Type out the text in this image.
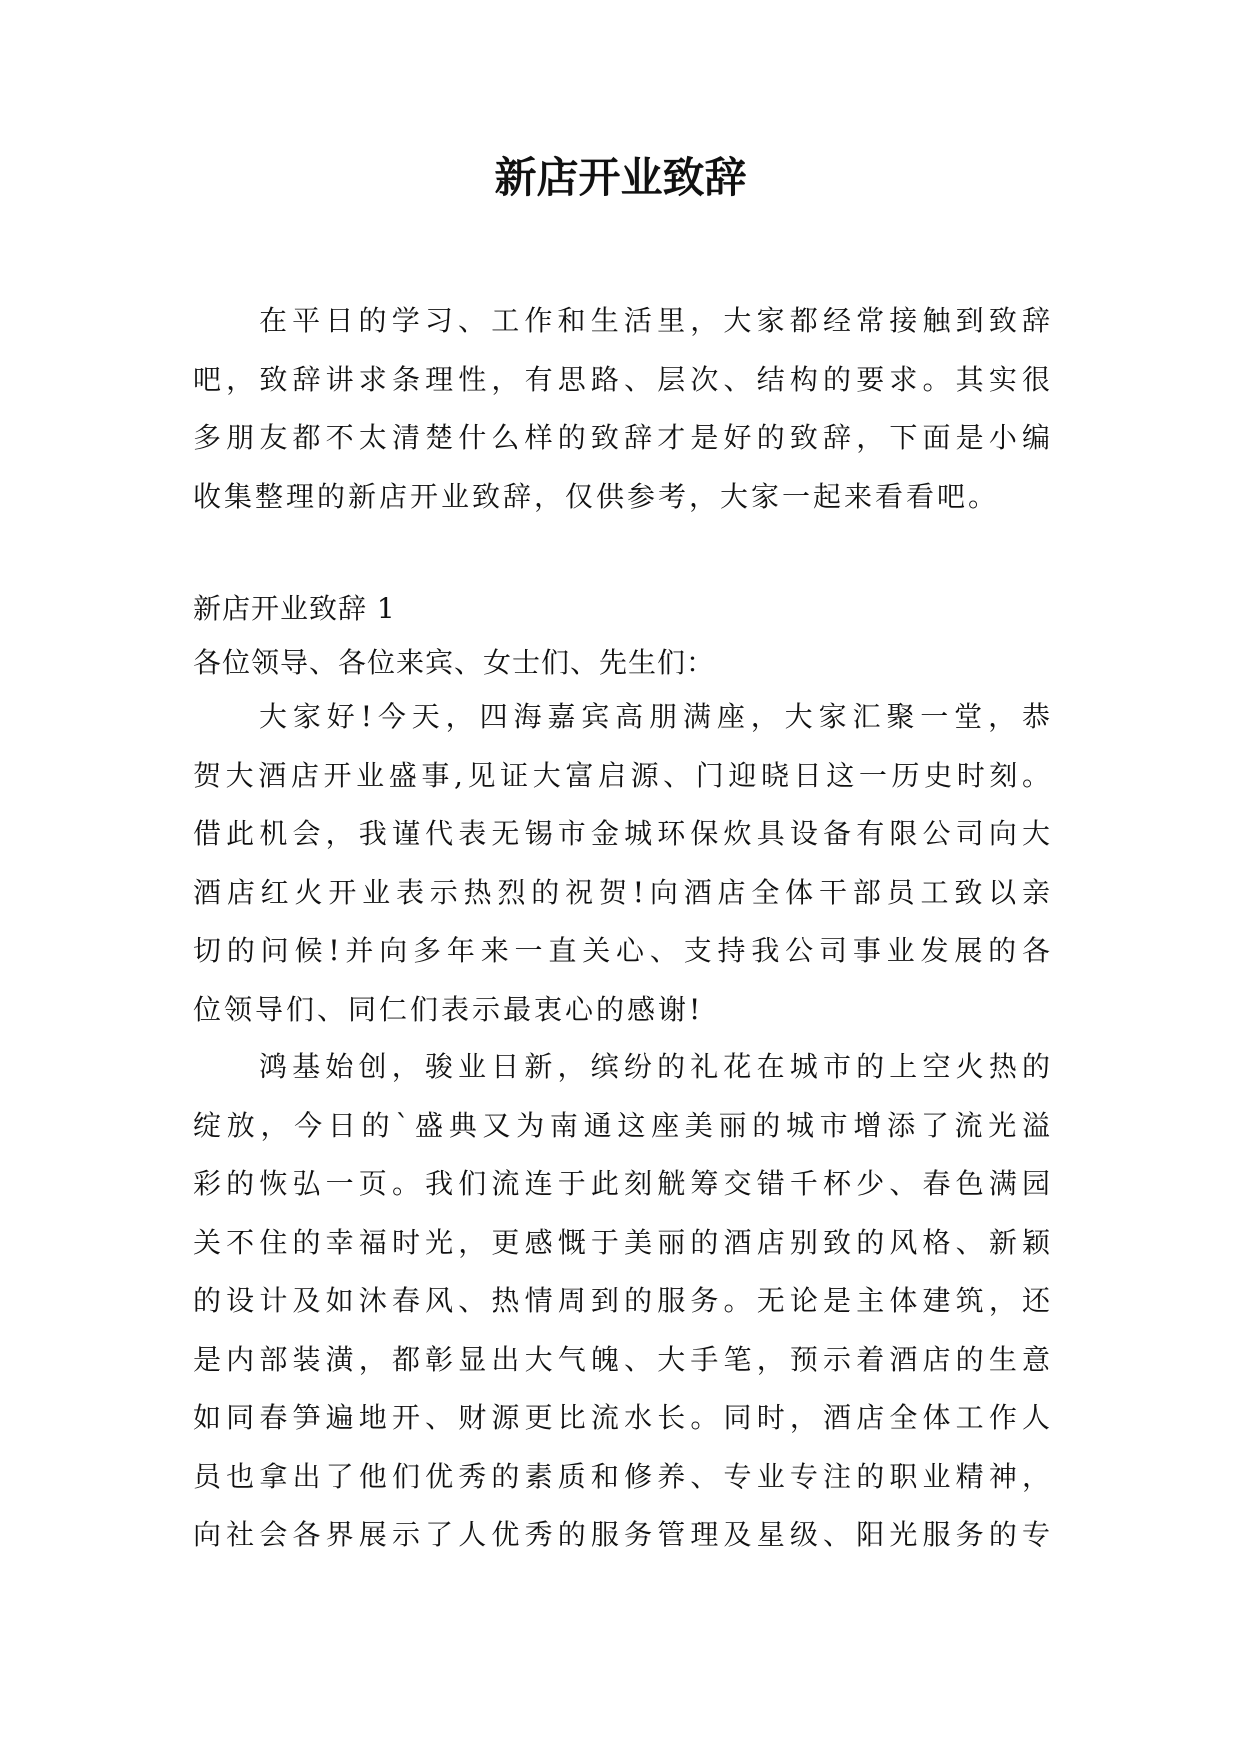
新店开业致辞
在平日的学习、工作和生活里，大家都经常接触到致辞
吧，致辞讲求条理性，有思路、层次、结构的要求。其实很
多朋友都不太清楚什么样的致辞才是好的致辞，下面是小编
收集整理的新店开业致辞，仅供参考，大家一起来看看吧。

新店开业致辞 1

各位领导、各位来宾、女士们、先生们：

大家好!今天，四海嘉宾高朋满座，大家汇聚一堂，恭
贺大酒店开业盛事,见证大富启源、门迎晓日这一历史时刻。
借此机会，我谨代表无锡市金城环保炊具设备有限公司向大
酒店红火开业表示热烈的祝贺!向酒店全体干部员工致以亲
切的问候!并向多年来一直关心、支持我公司事业发展的各
位领导们、同仁们表示最衷心的感谢!
鸿基始创，骏业日新，缤纷的礼花在城市的上空火热的
绽放，今日的`盛典又为南通这座美丽的城市增添了流光溢
彩的恢弘一页。我们流连于此刻觥筹交错千杯少、春色满园
关不住的幸福时光，更感慨于美丽的酒店别致的风格、新颖
的设计及如沐春风、热情周到的服务。无论是主体建筑，还
是内部装潢，都彰显出大气魄、大手笔，预示着酒店的生意
如同春笋遍地开、财源更比流水长。同时，酒店全体工作人
员也拿出了他们优秀的素质和修养、专业专注的职业精神，
向社会各界展示了人优秀的服务管理及星级、阳光服务的专
